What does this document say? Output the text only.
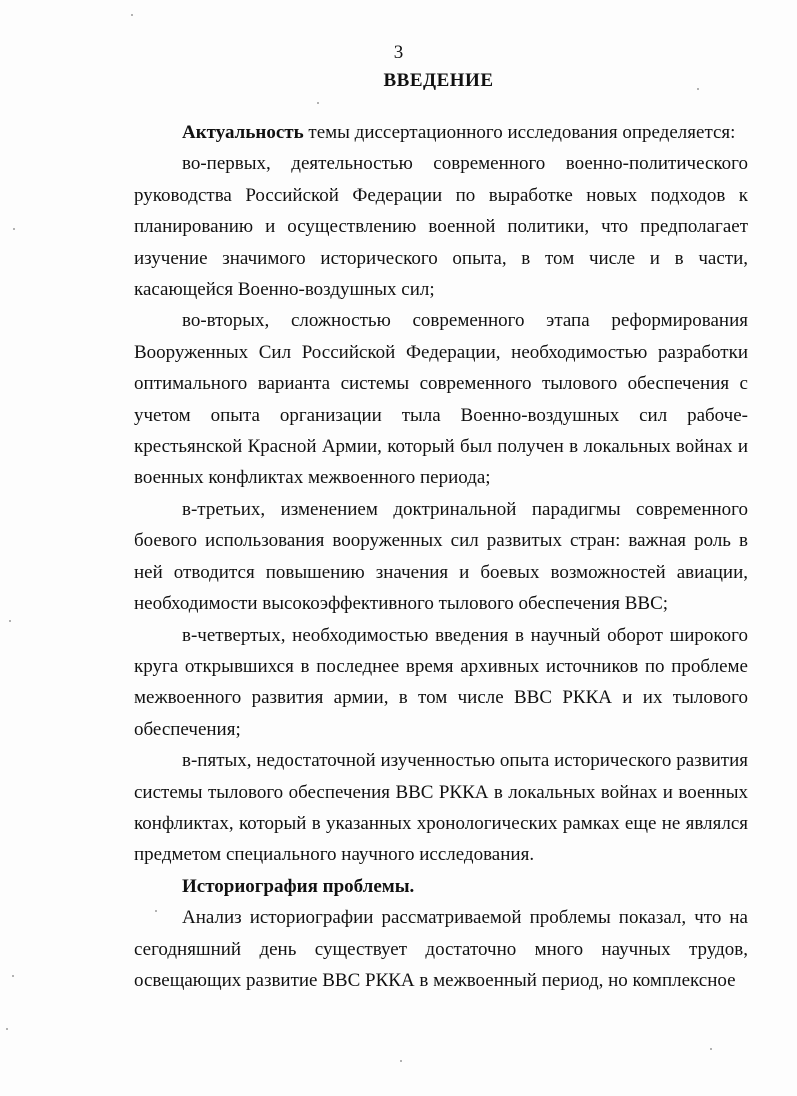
3
ВВЕДЕНИЕ

Актуальность темы диссертационного исследования определяется:

во-первых, деятельностью современного военно-политического руководства Российской Федерации по выработке новых подходов к планированию и осуществлению военной политики, что предполагает изучение значимого исторического опыта, в том числе и в части, касающейся Военно-воздушных сил;

во-вторых, сложностью современного этапа реформирования Вооруженных Сил Российской Федерации, необходимостью разработки оптимального варианта системы современного тылового обеспечения с учетом опыта организации тыла Военно-воздушных сил рабоче-крестьянской Красной Армии, который был получен в локальных войнах и военных конфликтах межвоенного периода;

в-третьих, изменением доктринальной парадигмы современного боевого использования вооруженных сил развитых стран: важная роль в ней отводится повышению значения и боевых возможностей авиации, необходимости высокоэффективного тылового обеспечения ВВС;

в-четвертых, необходимостью введения в научный оборот широкого круга открывшихся в последнее время архивных источников по проблеме межвоенного развития армии, в том числе ВВС РККА и их тылового обеспечения;

в-пятых, недостаточной изученностью опыта исторического развития системы тылового обеспечения ВВС РККА в локальных войнах и военных конфликтах, который в указанных хронологических рамках еще не являлся предметом специального научного исследования.

Историография проблемы.

Анализ историографии рассматриваемой проблемы показал, что на сегодняшний день существует достаточно много научных трудов, освещающих развитие ВВС РККА в межвоенный период, но комплексное
